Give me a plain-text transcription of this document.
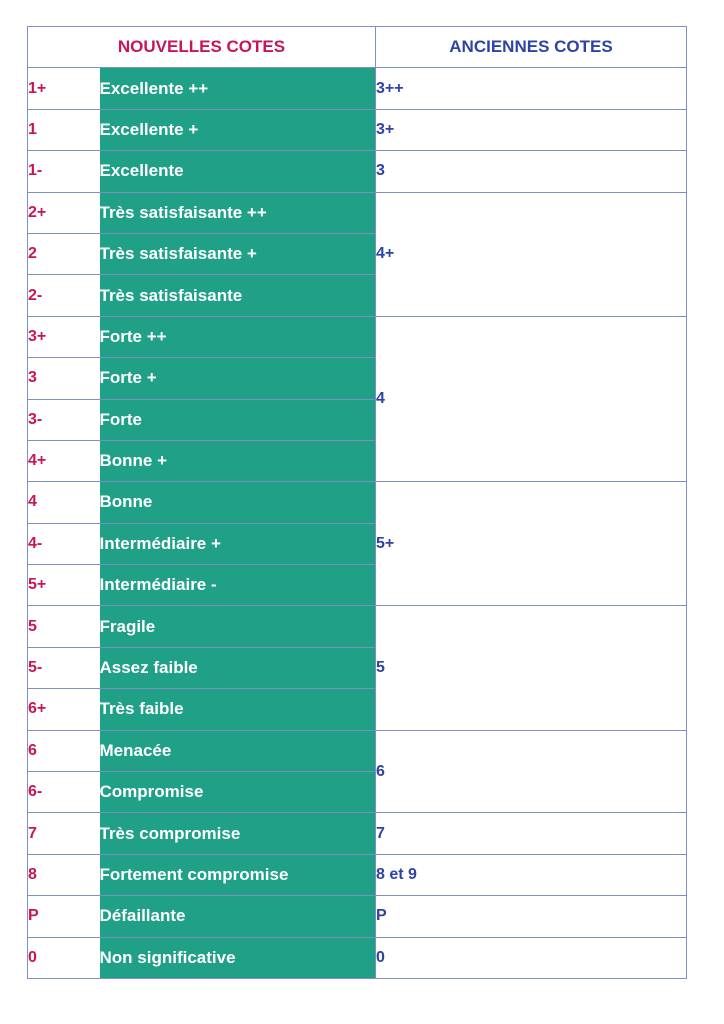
NOUVELLES COTES		ANCIENNES COTES
1+	Excellente ++	3++
1	Excellente +	3+
1-	Excellente	3
2+	Très satisfaisante ++	4+
2	Très satisfaisante +	
2-	Très satisfaisante	
3+	Forte ++	4
3	Forte +	
3-	Forte	
4+	Bonne +	
4	Bonne	5+
4-	Intermédiaire +	
5+	Intermédiaire -	
5	Fragile	5
5-	Assez faible	
6+	Très faible	
6	Menacée	6
6-	Compromise	
7	Très compromise	7
8	Fortement compromise	8 et 9
P	Défaillante	P
0	Non significative	0
